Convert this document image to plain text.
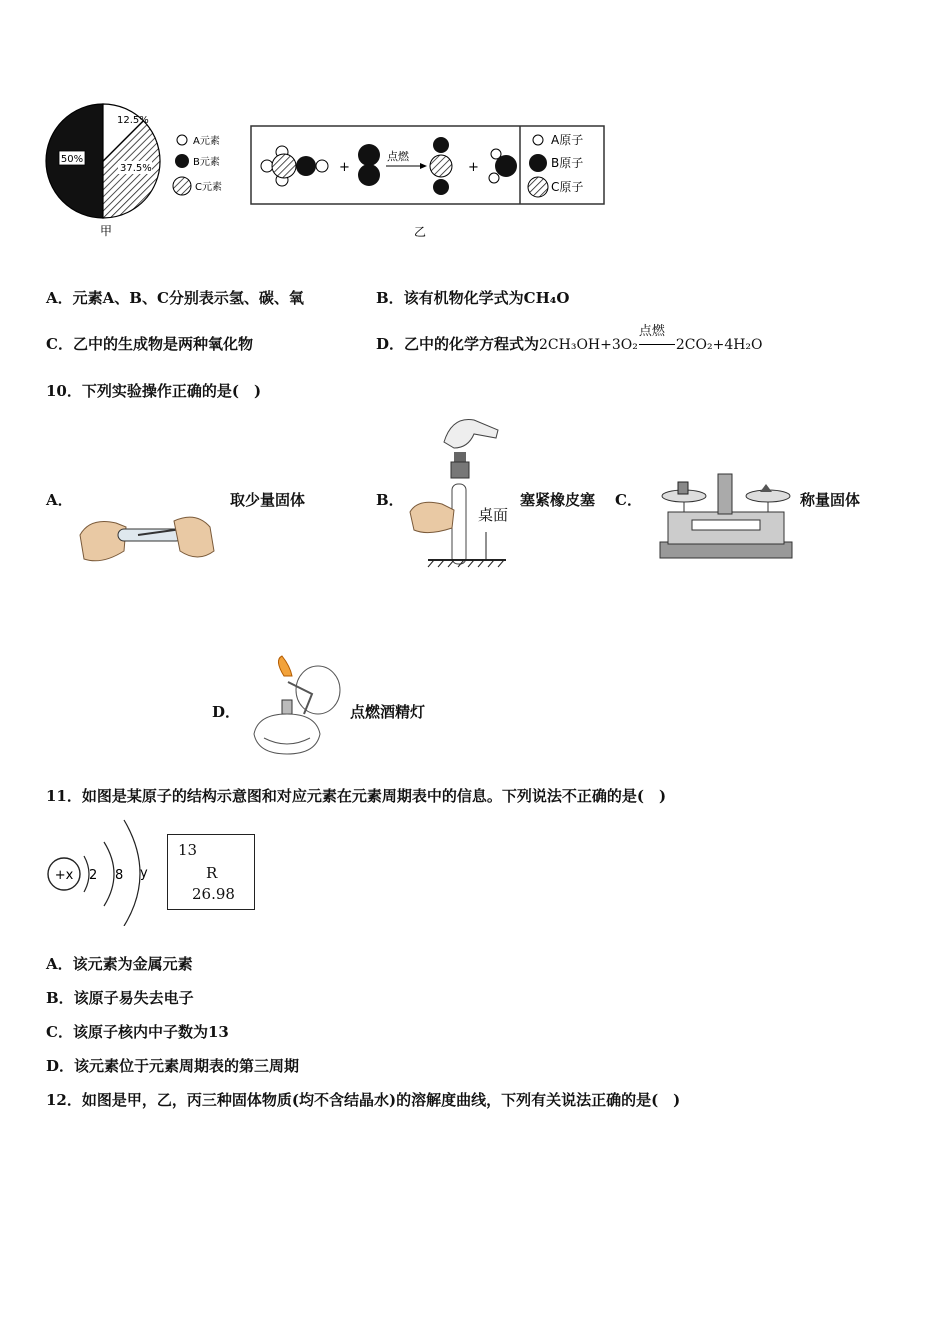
50%
12.5%
37.5%
A元素
B元素
C元素
甲
+
点燃
+
A原子
B原子
C原子
乙
A．元素A、B、C分别表示氢、碳、氧	B．该有机物化学式为CH₄O
C．乙中的生成物是两种氧化物	D．乙中的化学方程式为2CH₃OH+3O₂
点燃
2CO₂+4H₂O
10．下列实验操作正确的是(　)
A．	取少量固体	B．
桌面
塞紧橡皮塞 C．	称量固体
D．	点燃酒精灯
11．如图是某原子的结构示意图和对应元素在元素周期表中的信息。下列说法不正确的是(　)
+x 2 8 y
13
R
26.98
A．该元素为金属元素
B．该原子易失去电子
C．该原子核内中子数为13
D．该元素位于元素周期表的第三周期
12．如图是甲，乙，丙三种固体物质(均不含结晶水)的溶解度曲线，下列有关说法正确的是(　)
